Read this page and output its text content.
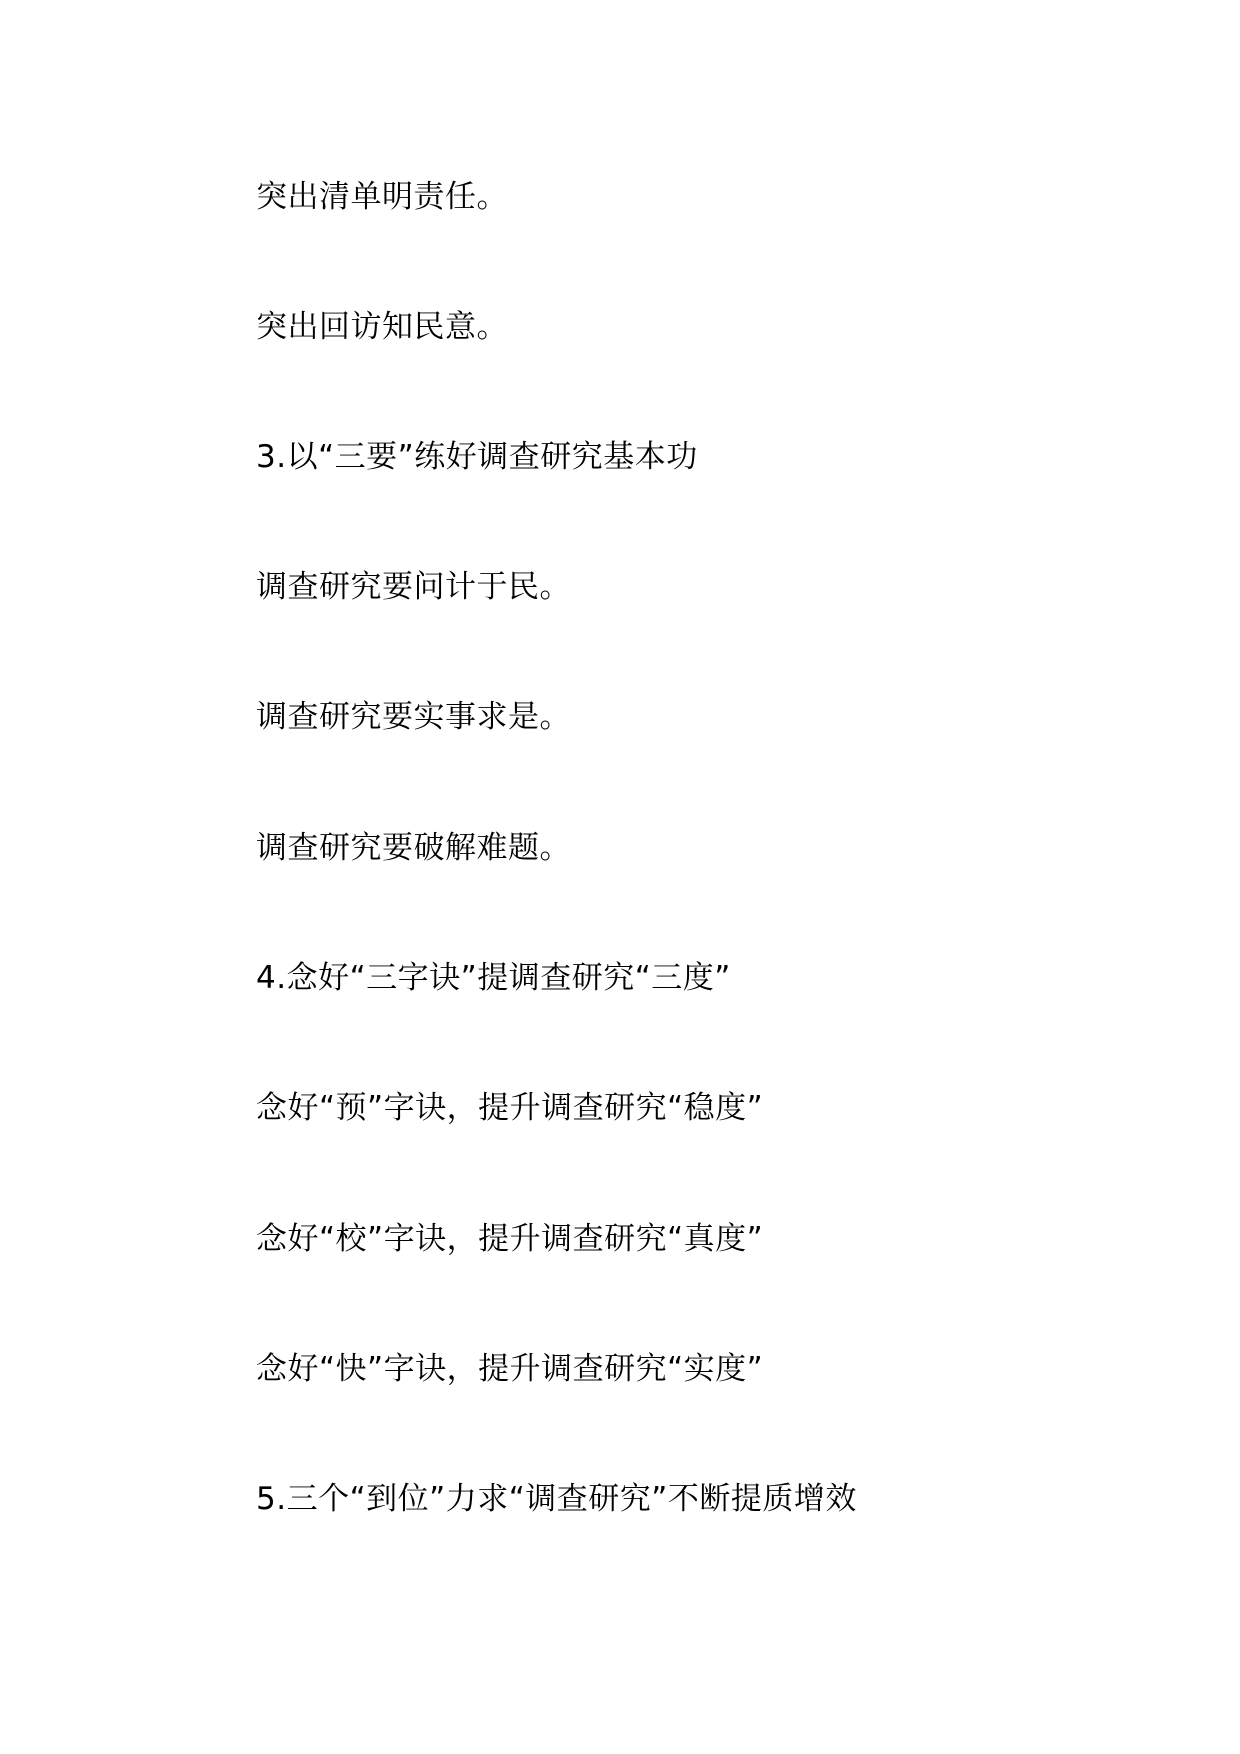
突出清单明责任。
突出回访知民意。
3.以“三要”练好调查研究基本功
调查研究要问计于民。
调查研究要实事求是。
调查研究要破解难题。
4.念好“三字诀”提调查研究“三度”
念好“预”字诀，提升调查研究“稳度”
念好“校”字诀，提升调查研究“真度”
念好“快”字诀，提升调查研究“实度”
5.三个“到位”力求“调查研究”不断提质增效
